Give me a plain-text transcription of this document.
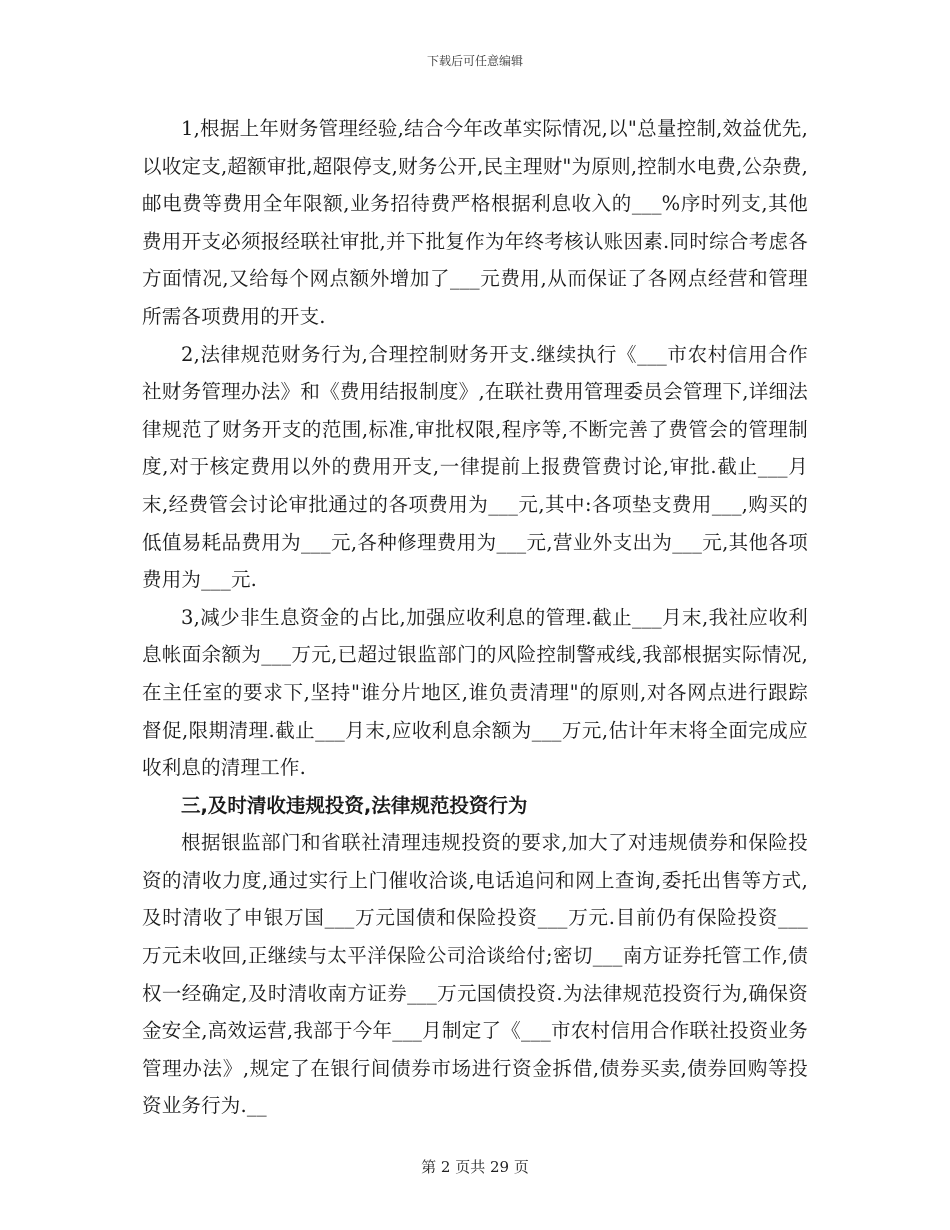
下载后可任意编辑

1,根据上年财务管理经验,结合今年改革实际情况,以"总量控制,效益优先,以收定支,超额审批,超限停支,财务公开,民主理财"为原则,控制水电费,公杂费,邮电费等费用全年限额,业务招待费严格根据利息收入的___%序时列支,其他费用开支必须报经联社审批,并下批复作为年终考核认账因素.同时综合考虑各方面情况,又给每个网点额外增加了___元费用,从而保证了各网点经营和管理所需各项费用的开支.

2,法律规范财务行为,合理控制财务开支.继续执行《___市农村信用合作社财务管理办法》和《费用结报制度》,在联社费用管理委员会管理下,详细法律规范了财务开支的范围,标准,审批权限,程序等,不断完善了费管会的管理制度,对于核定费用以外的费用开支,一律提前上报费管费讨论,审批.截止___月末,经费管会讨论审批通过的各项费用为___元,其中:各项垫支费用___,购买的低值易耗品费用为___元,各种修理费用为___元,营业外支出为___元,其他各项费用为___元.

3,减少非生息资金的占比,加强应收利息的管理.截止___月末,我社应收利息帐面余额为___万元,已超过银监部门的风险控制警戒线,我部根据实际情况,在主任室的要求下,坚持"谁分片地区,谁负责清理"的原则,对各网点进行跟踪督促,限期清理.截止___月末,应收利息余额为___万元,估计年末将全面完成应收利息的清理工作.

三,及时清收违规投资,法律规范投资行为

根据银监部门和省联社清理违规投资的要求,加大了对违规债券和保险投资的清收力度,通过实行上门催收洽谈,电话追问和网上查询,委托出售等方式,及时清收了申银万国___万元国债和保险投资___万元.目前仍有保险投资___万元未收回,正继续与太平洋保险公司洽谈给付;密切___南方证券托管工作,债权一经确定,及时清收南方证券___万元国债投资.为法律规范投资行为,确保资金安全,高效运营,我部于今年___月制定了《___市农村信用合作联社投资业务管理办法》,规定了在银行间债券市场进行资金拆借,债券买卖,债券回购等投资业务行为.__

第 2 页共 29 页
